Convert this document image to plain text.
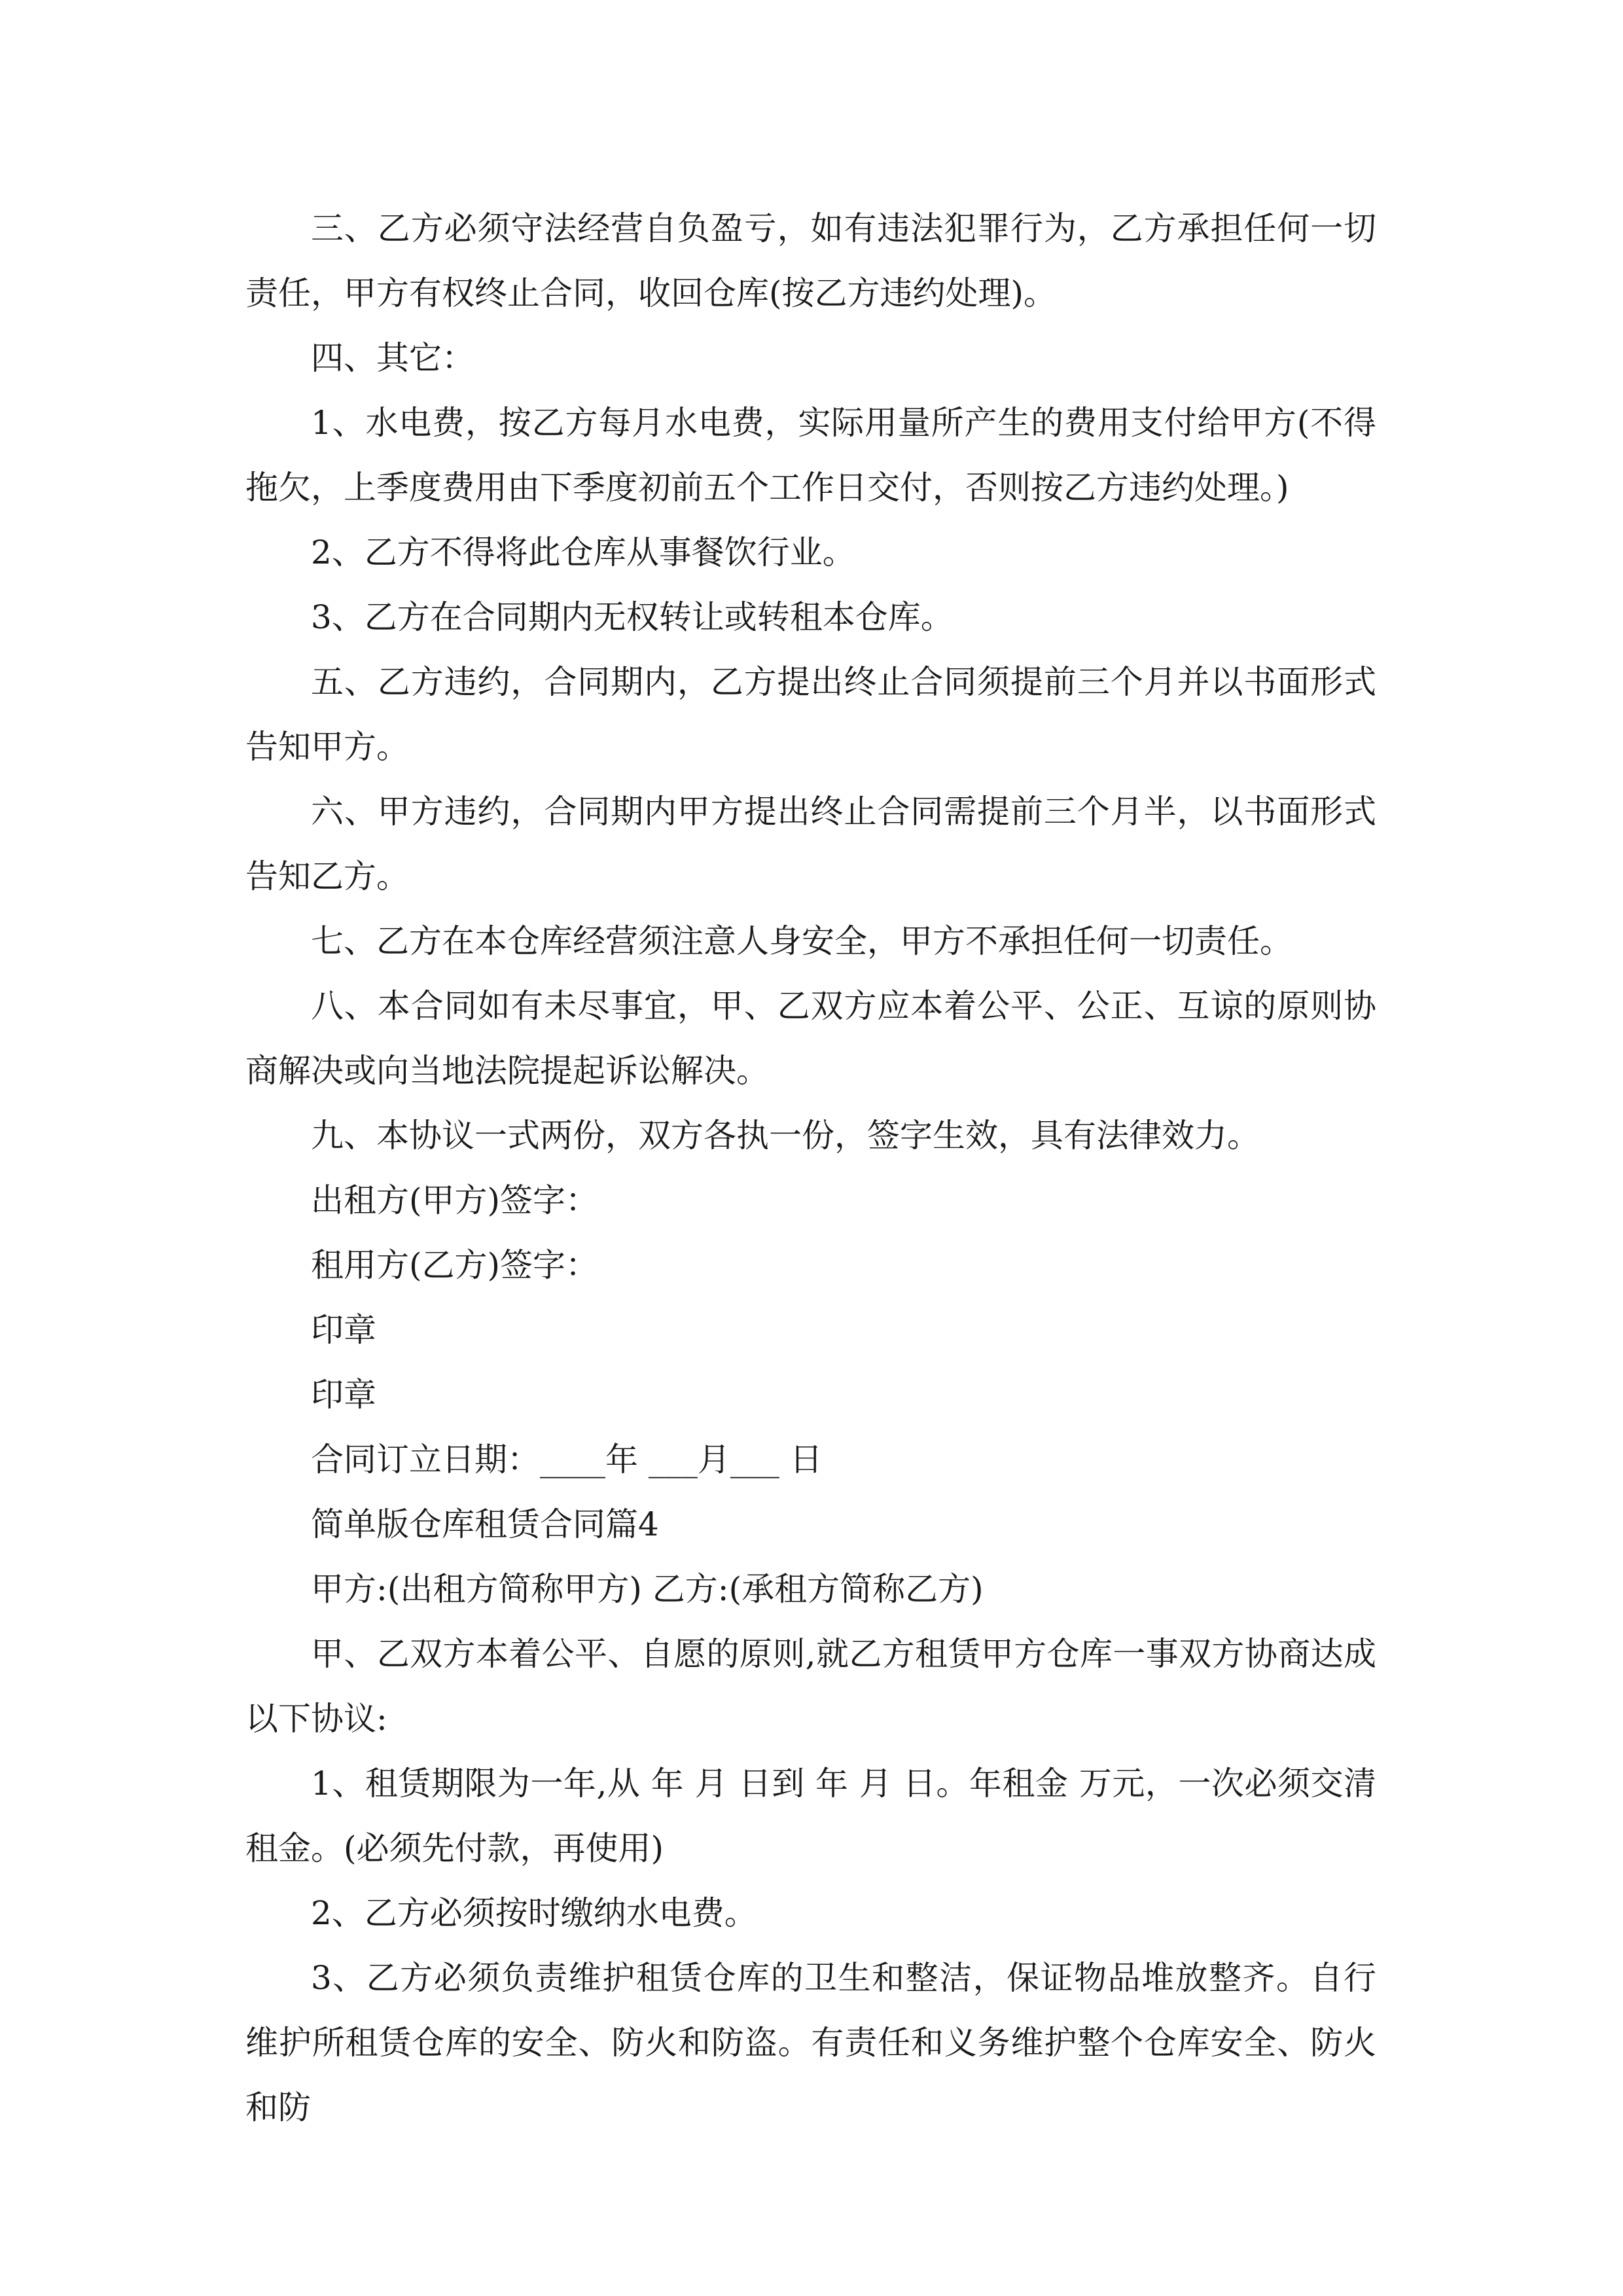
三、乙方必须守法经营自负盈亏，如有违法犯罪行为，乙方承担任何一切责任，甲方有权终止合同，收回仓库(按乙方违约处理)。

四、其它：

1、水电费，按乙方每月水电费，实际用量所产生的费用支付给甲方(不得拖欠，上季度费用由下季度初前五个工作日交付，否则按乙方违约处理。)

2、乙方不得将此仓库从事餐饮行业。

3、乙方在合同期内无权转让或转租本仓库。

五、乙方违约，合同期内，乙方提出终止合同须提前三个月并以书面形式告知甲方。

六、甲方违约，合同期内甲方提出终止合同需提前三个月半，以书面形式告知乙方。

七、乙方在本仓库经营须注意人身安全，甲方不承担任何一切责任。

八、本合同如有未尽事宜，甲、乙双方应本着公平、公正、互谅的原则协商解决或向当地法院提起诉讼解决。

九、本协议一式两份，双方各执一份，签字生效，具有法律效力。

出租方(甲方)签字：

租用方(乙方)签字：

印章

印章

合同订立日期：____年 ___月___ 日

简单版仓库租赁合同篇4

甲方:(出租方简称甲方) 乙方:(承租方简称乙方)

甲、乙双方本着公平、自愿的原则,就乙方租赁甲方仓库一事双方协商达成以下协议:

1、租赁期限为一年,从 年 月 日到 年 月 日。年租金 万元，一次必须交清租金。(必须先付款，再使用)

2、乙方必须按时缴纳水电费。

3、乙方必须负责维护租赁仓库的卫生和整洁，保证物品堆放整齐。自行维护所租赁仓库的安全、防火和防盗。有责任和义务维护整个仓库安全、防火和防
